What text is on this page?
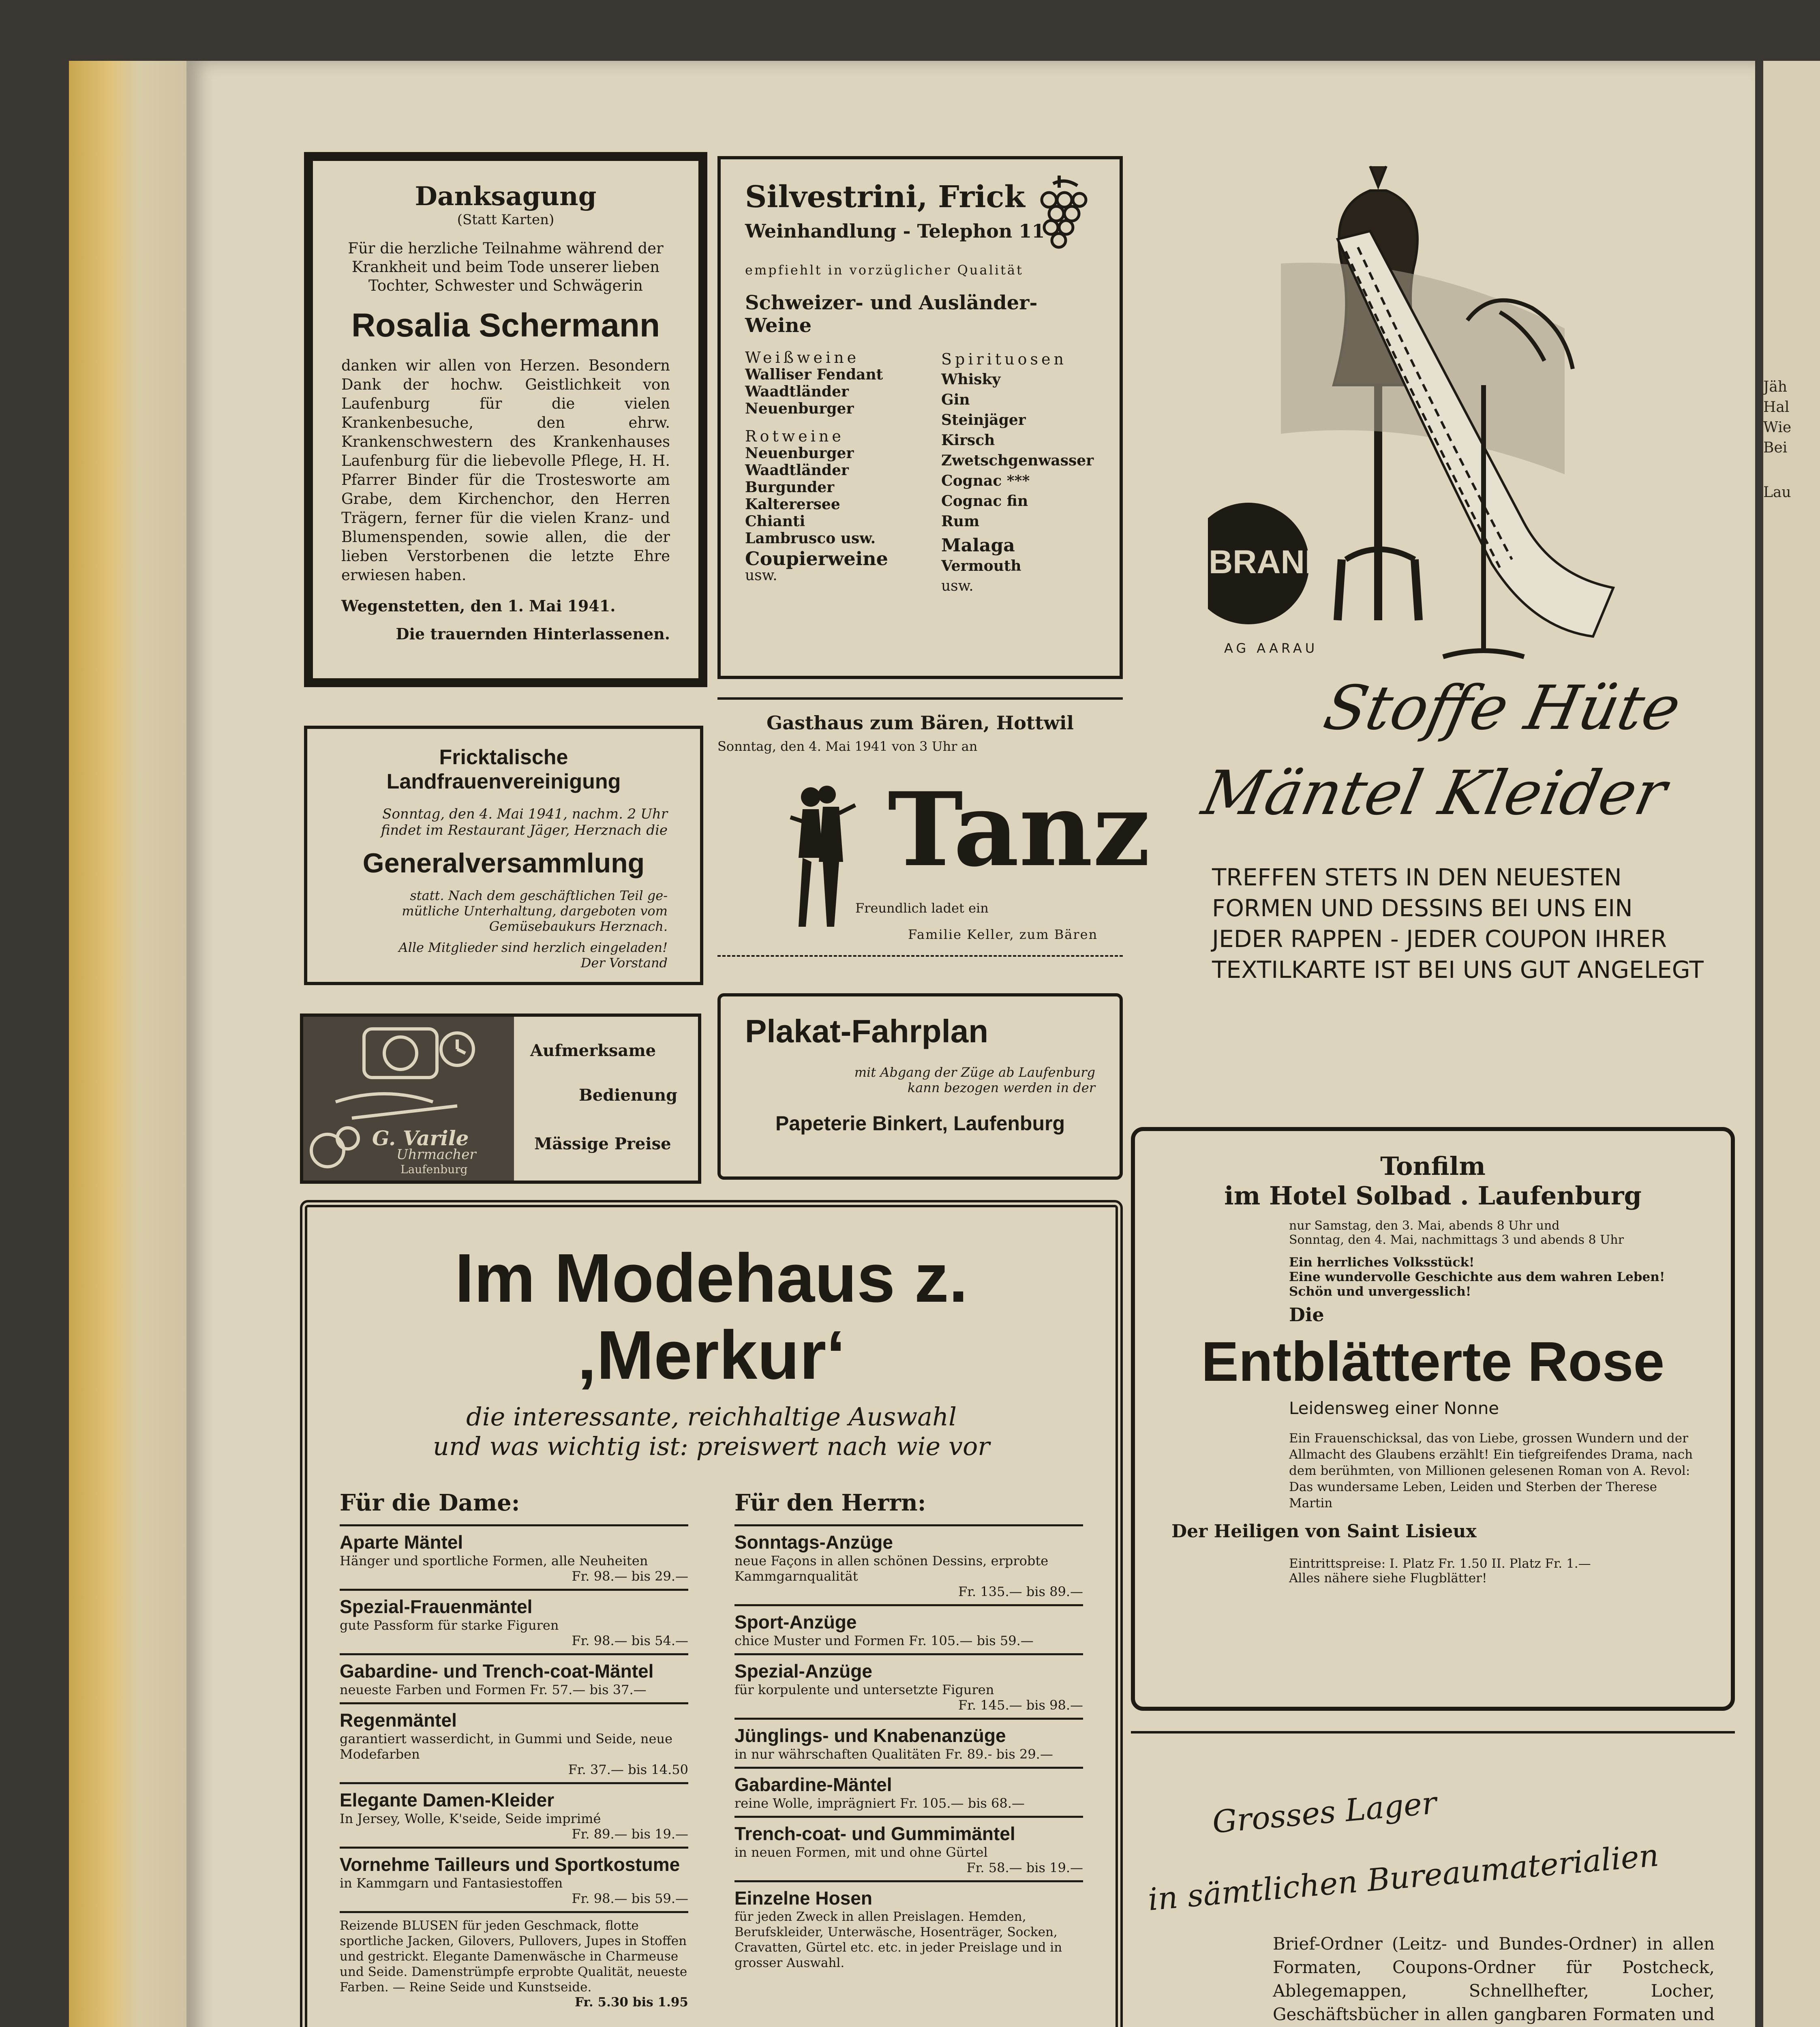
Jäh
Hal
Wie
Bei
Lau
Danksagung
(Statt Karten)
Für die herzliche Teilnahme während der Krankheit und beim Tode unserer lieben Tochter, Schwester und Schwägerin
Rosalia Schermann
danken wir allen von Herzen. Besondern Dank der hochw. Geistlichkeit von Laufenburg für die vielen Krankenbesuche, den ehrw. Krankenschwestern des Krankenhauses Laufenburg für die liebevolle Pflege, H. H. Pfarrer Binder für die Trostesworte am Grabe, dem Kirchenchor, den Herren Trägern, ferner für die vielen Kranz- und Blumenspenden, sowie allen, die der lieben Verstorbenen die letzte Ehre erwiesen haben.
Wegenstetten, den 1. Mai 1941.
Die trauernden Hinterlassenen.
Silvestrini, Frick
Weinhandlung - Telephon 11
empfiehlt in vorzüglicher Qualität
Schweizer- und Ausländer-Weine
Weißweine
Walliser Fendant
Waadtländer
Neuenburger
Rotweine
Neuenburger
Waadtländer
Burgunder
Kalterersee
Chianti
Lambrusco usw.
Coupierweine
usw.
Spirituosen
Whisky
Gin
Steinjäger
Kirsch
Zwetschgenwasser
Cognac ***
Cognac fin
Rum
Malaga
Vermouth
usw.
BRANN
AG AARAU
Stoffe Hüte
Mäntel Kleider
TREFFEN STETS IN DEN NEUESTEN
FORMEN UND DESSINS BEI UNS EIN
JEDER RAPPEN - JEDER COUPON IHRER
TEXTILKARTE IST BEI UNS GUT ANGELEGT
Fricktalische Landfrauenvereinigung
Sonntag, den 4. Mai 1941, nachm. 2 Uhr
findet im Restaurant Jäger, Herznach die
Generalversammlung
statt. Nach dem geschäftlichen Teil ge-
mütliche Unterhaltung, dargeboten vom
Gemüsebaukurs Herznach.
Alle Mitglieder sind herzlich eingeladen!
Der Vorstand
Gasthaus zum Bären, Hottwil
Sonntag, den 4. Mai 1941 von 3 Uhr an
Tanz
Freundlich ladet ein
Familie Keller, zum Bären
G. Varile
Uhrmacher
Laufenburg
Aufmerksame
Bedienung
Mässige Preise
Plakat-Fahrplan
mit Abgang der Züge ab Laufenburg
kann bezogen werden in der
Papeterie Binkert, Laufenburg
Tonfilm
im Hotel Solbad . Laufenburg
nur Samstag, den 3. Mai, abends 8 Uhr und
Sonntag, den 4. Mai, nachmittags 3 und abends 8 Uhr
Ein herrliches Volksstück!
Eine wundervolle Geschichte aus dem wahren Leben!
Schön und unvergesslich!
Die
Entblätterte Rose
Leidensweg einer Nonne
Ein Frauenschicksal, das von Liebe, grossen Wundern und der Allmacht des Glaubens erzählt! Ein tiefgreifendes Drama, nach dem berühmten, von Millionen gelesenen Roman von A. Revol: Das wundersame Leben, Leiden und Sterben der Therese Martin
Der Heiligen von Saint Lisieux
Eintrittspreise: I. Platz Fr. 1.50 II. Platz Fr. 1.—
Alles nähere siehe Flugblätter!
Im Modehaus z. ‚Merkur‘
die interessante, reichhaltige Auswahl
und was wichtig ist: preiswert nach wie vor
Für die Dame:
Aparte Mäntel
Hänger und sportliche Formen, alle Neuheiten
Fr. 98.— bis 29.—
Spezial-Frauenmäntel
gute Passform für starke Figuren
Fr. 98.— bis 54.—
Gabardine- und Trench-coat-Mäntel
neueste Farben und Formen Fr. 57.— bis 37.—
Regenmäntel
garantiert wasserdicht, in Gummi und Seide, neue Modefarben
Fr. 37.— bis 14.50
Elegante Damen-Kleider
In Jersey, Wolle, K'seide, Seide imprimé
Fr. 89.— bis 19.—
Vornehme Tailleurs und Sportkostume
in Kammgarn und Fantasiestoffen
Fr. 98.— bis 59.—
Reizende BLUSEN für jeden Geschmack, flotte sportliche Jacken, Gilovers, Pullovers, Jupes in Stoffen und gestrickt. Elegante Damenwäsche in Charmeuse und Seide. Damenstrümpfe erprobte Qualität, neueste Farben. — Reine Seide und Kunstseide.
Fr. 5.30 bis 1.95
Für den Herrn:
Sonntags-Anzüge
neue Façons in allen schönen Dessins, erprobte Kammgarnqualität
Fr. 135.— bis 89.—
Sport-Anzüge
chice Muster und Formen Fr. 105.— bis 59.—
Spezial-Anzüge
für korpulente und untersetzte Figuren
Fr. 145.— bis 98.—
Jünglings- und Knabenanzüge
in nur währschaften Qualitäten Fr. 89.- bis 29.—
Gabardine-Mäntel
reine Wolle, imprägniert Fr. 105.— bis 68.—
Trench-coat- und Gummimäntel
in neuen Formen, mit und ohne Gürtel
Fr. 58.— bis 19.—
Einzelne Hosen
für jeden Zweck in allen Preislagen. Hemden, Berufskleider, Unterwäsche, Hosenträger, Socken, Cravatten, Gürtel etc. etc. in jeder Preislage und in grosser Auswahl.
Grosses Lager
in sämtlichen Bureaumaterialien
Brief-Ordner (Leitz- und Bundes-Ordner) in allen Formaten, Coupons-Ordner für Postcheck, Ablegemappen, Schnellhefter, Locher, Geschäftsbücher in allen gangbaren Formaten und
